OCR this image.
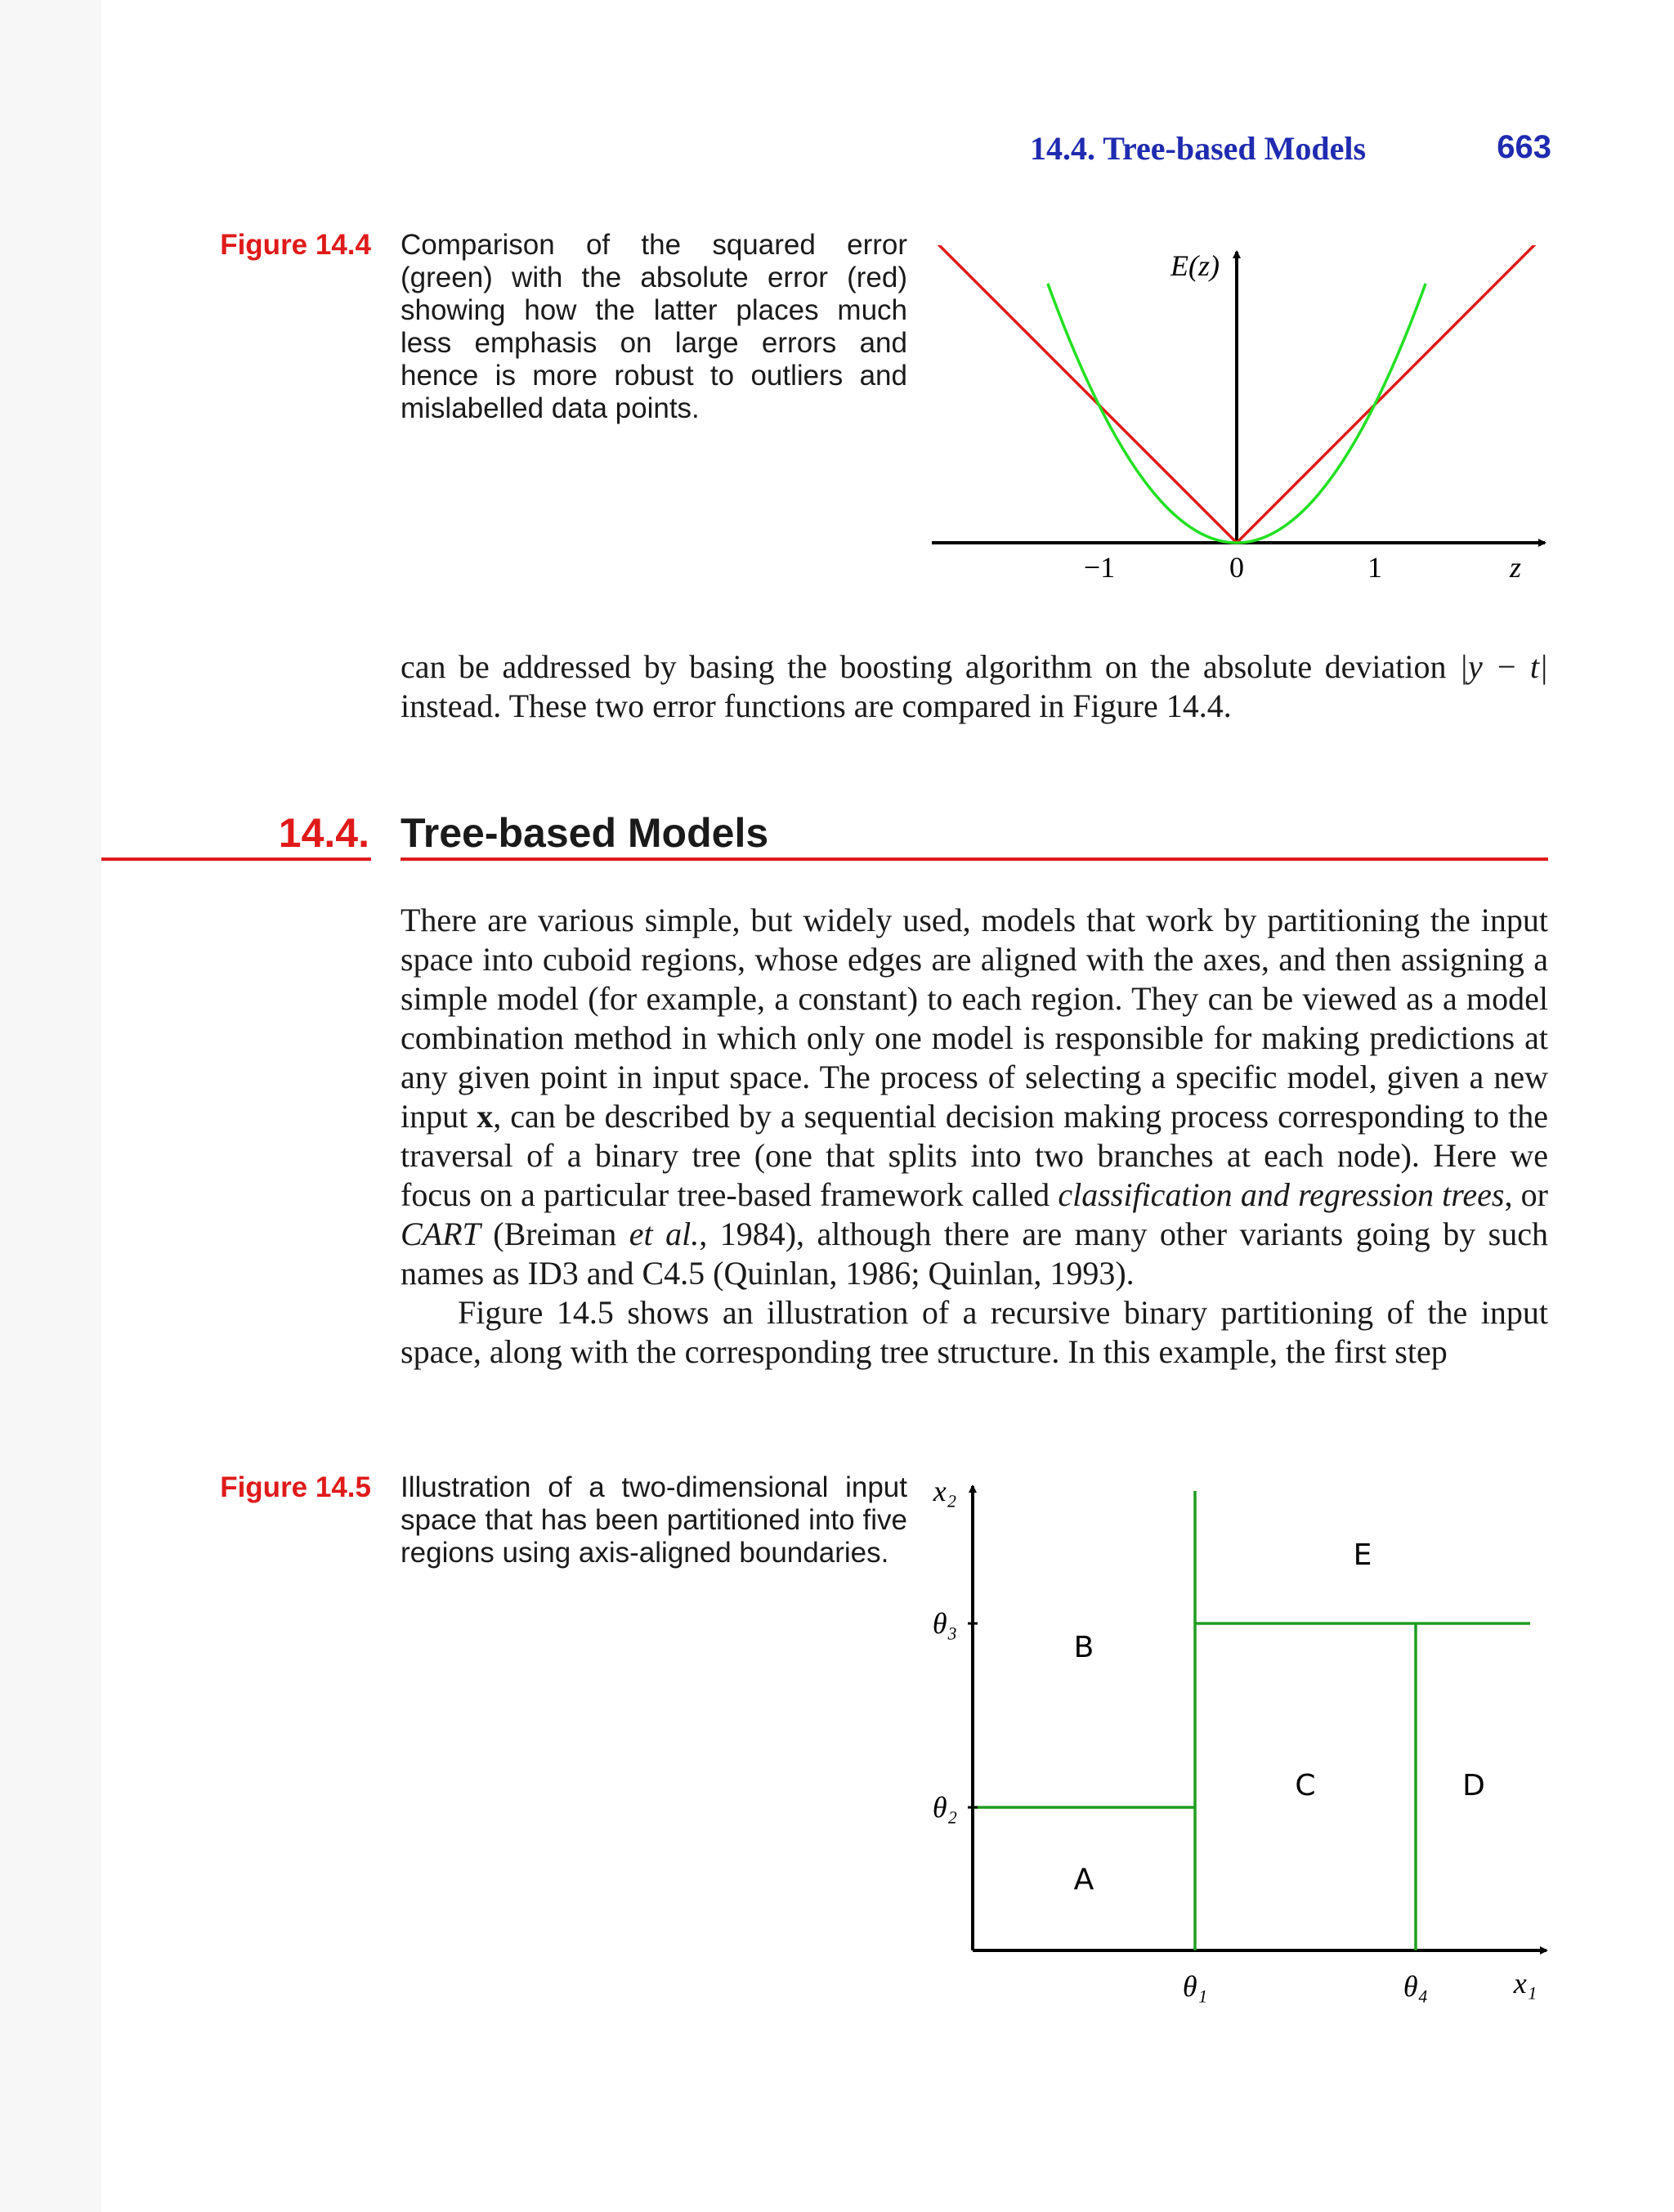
14.4. Tree-based Models	663
Figure 14.4 Comparison of the squared error (green) with the absolute error (red) showing how the latter places much less emphasis on large errors and hence is more robust to outliers and mislabelled data points.
E(z)
−1	0	1	z

can be addressed by basing the boosting algorithm on the absolute deviation |y − t| instead. These two error functions are compared in Figure 14.4.

14.4. Tree-based Models

There are various simple, but widely used, models that work by partitioning the input space into cuboid regions, whose edges are aligned with the axes, and then assigning a simple model (for example, a constant) to each region. They can be viewed as a model combination method in which only one model is responsible for making predictions at any given point in input space. The process of selecting a specific model, given a new input x, can be described by a sequential decision making process corresponding to the traversal of a binary tree (one that splits into two branches at each node). Here we focus on a particular tree-based framework called classification and regression trees, or CART (Breiman et al., 1984), although there are many other variants going by such names as ID3 and C4.5 (Quinlan, 1986; Quinlan, 1993).

Figure 14.5 shows an illustration of a recursive binary partitioning of the input space, along with the corresponding tree structure. In this example, the first step

Figure 14.5 Illustration of a two-dimensional input space that has been partitioned into five regions using axis-aligned boundaries.
x₂
x₁
θ₃
θ₂
θ₁	θ₄
A
B
C	D
E
